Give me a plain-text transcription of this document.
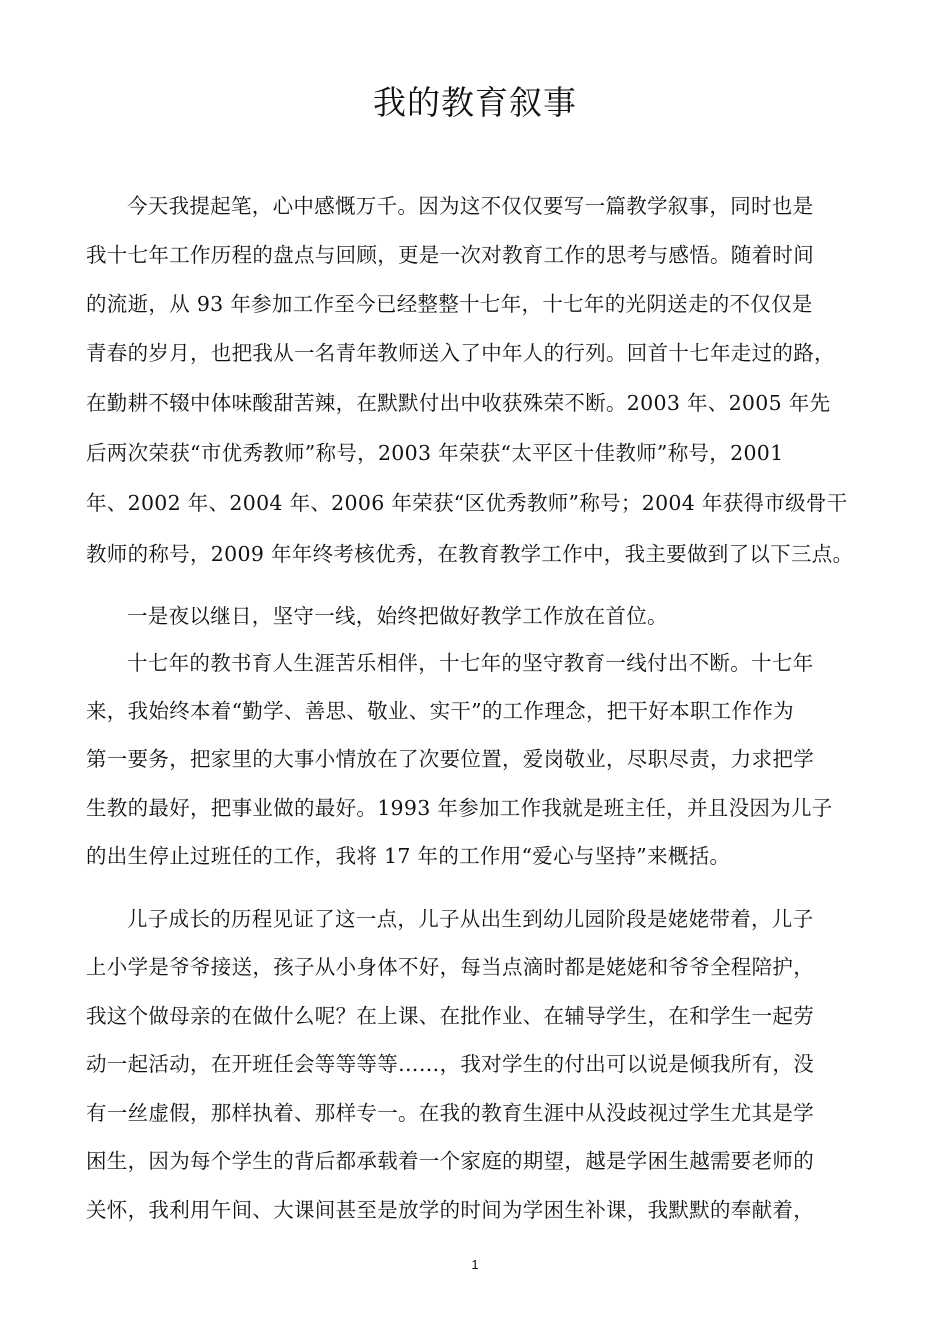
我的教育叙事
今天我提起笔，心中感慨万千。因为这不仅仅要写一篇教学叙事，同时也是
我十七年工作历程的盘点与回顾，更是一次对教育工作的思考与感悟。随着时间
的流逝，从 93 年参加工作至今已经整整十七年，十七年的光阴送走的不仅仅是
青春的岁月，也把我从一名青年教师送入了中年人的行列。回首十七年走过的路，
在勤耕不辍中体味酸甜苦辣，在默默付出中收获殊荣不断。2003 年、2005 年先
后两次荣获“市优秀教师”称号，2003 年荣获“太平区十佳教师”称号，2001
年、2002 年、2004 年、2006 年荣获“区优秀教师”称号；2004 年获得市级骨干
教师的称号，2009 年年终考核优秀，在教育教学工作中，我主要做到了以下三点。
一是夜以继日，坚守一线，始终把做好教学工作放在首位。
十七年的教书育人生涯苦乐相伴，十七年的坚守教育一线付出不断。十七年
来，我始终本着“勤学、善思、敬业、实干”的工作理念，把干好本职工作作为
第一要务，把家里的大事小情放在了次要位置，爱岗敬业，尽职尽责，力求把学
生教的最好，把事业做的最好。1993 年参加工作我就是班主任，并且没因为儿子
的出生停止过班任的工作，我将 17 年的工作用“爱心与坚持”来概括。
儿子成长的历程见证了这一点，儿子从出生到幼儿园阶段是姥姥带着，儿子
上小学是爷爷接送，孩子从小身体不好，每当点滴时都是姥姥和爷爷全程陪护，
我这个做母亲的在做什么呢？在上课、在批作业、在辅导学生，在和学生一起劳
动一起活动，在开班任会等等等等……，我对学生的付出可以说是倾我所有，没
有一丝虚假，那样执着、那样专一。在我的教育生涯中从没歧视过学生尤其是学
困生，因为每个学生的背后都承载着一个家庭的期望，越是学困生越需要老师的
关怀，我利用午间、大课间甚至是放学的时间为学困生补课，我默默的奉献着，
1
